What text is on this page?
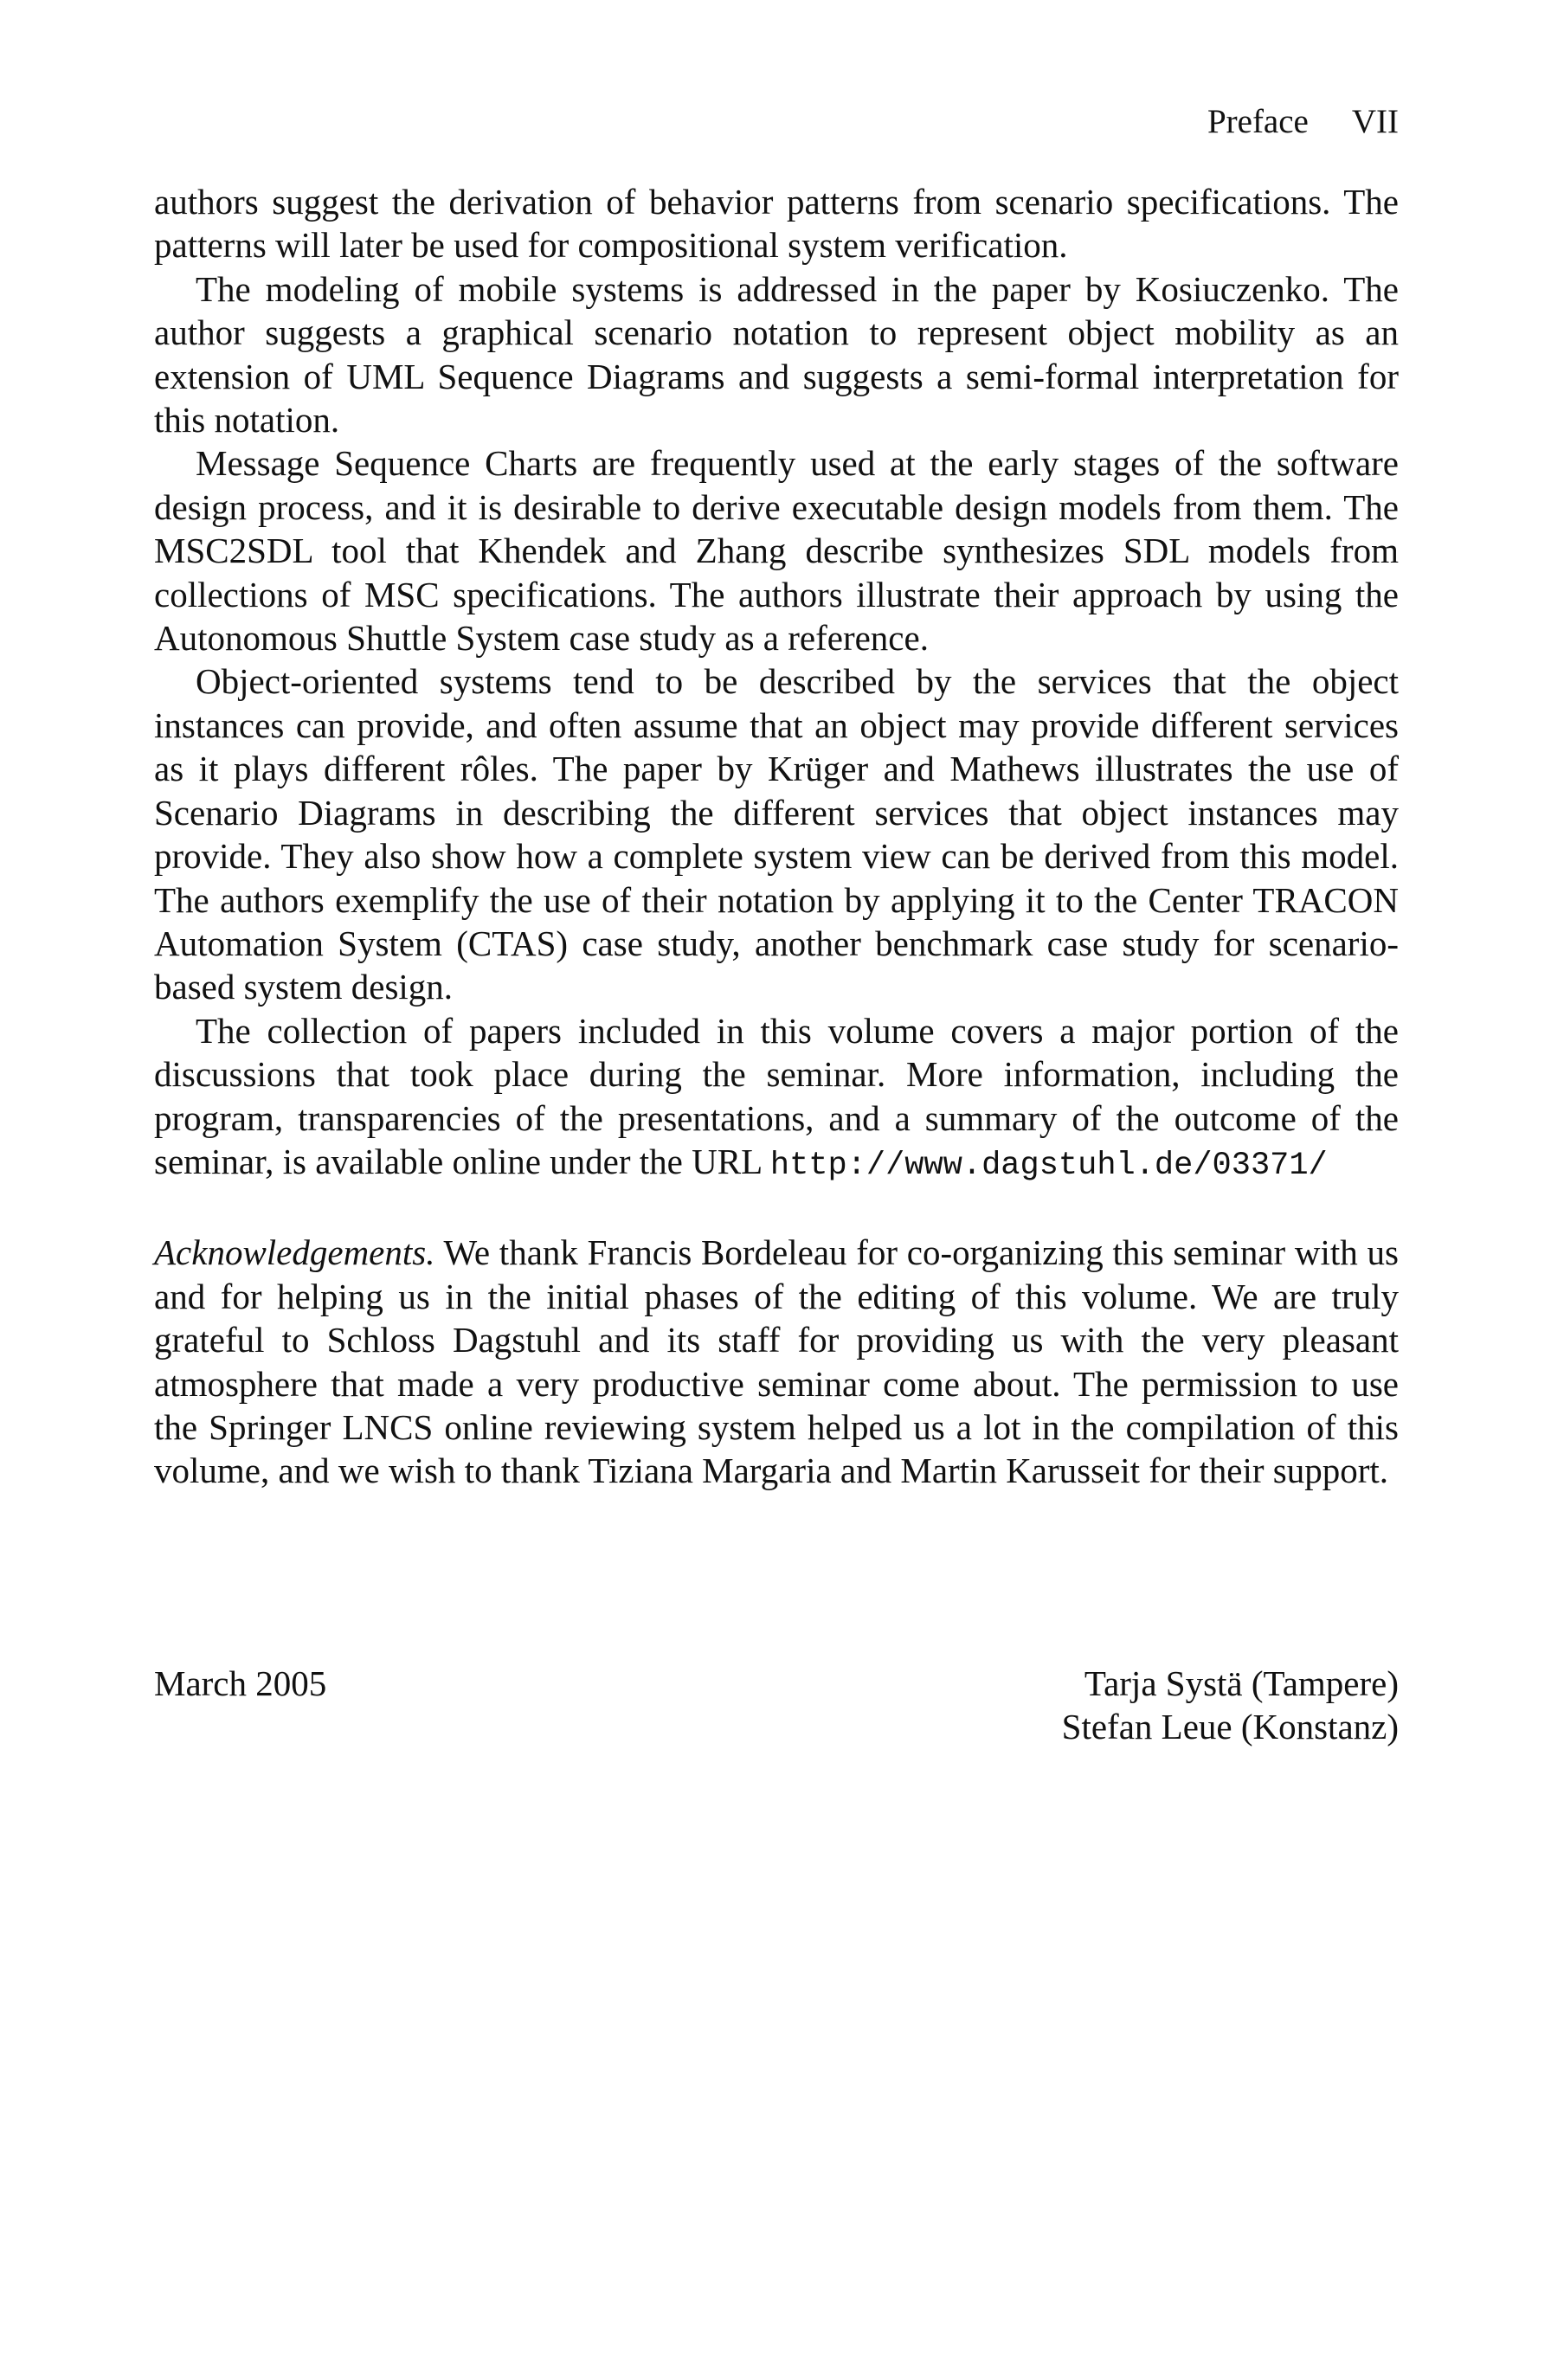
Preface VII

authors suggest the derivation of behavior patterns from scenario specifications. The patterns will later be used for compositional system verification.

The modeling of mobile systems is addressed in the paper by Kosiuczenko. The author suggests a graphical scenario notation to represent object mobility as an extension of UML Sequence Diagrams and suggests a semi-formal interpretation for this notation.

Message Sequence Charts are frequently used at the early stages of the software design process, and it is desirable to derive executable design models from them. The MSC2SDL tool that Khendek and Zhang describe synthesizes SDL models from collections of MSC specifications. The authors illustrate their approach by using the Autonomous Shuttle System case study as a reference.

Object-oriented systems tend to be described by the services that the object instances can provide, and often assume that an object may provide different services as it plays different rôles. The paper by Krüger and Mathews illustrates the use of Scenario Diagrams in describing the different services that object instances may provide. They also show how a complete system view can be derived from this model. The authors exemplify the use of their notation by applying it to the Center TRACON Automation System (CTAS) case study, another benchmark case study for scenario-based system design.

The collection of papers included in this volume covers a major portion of the discussions that took place during the seminar. More information, including the program, transparencies of the presentations, and a summary of the outcome of the seminar, is available online under the URL http://www.dagstuhl.de/03371/

Acknowledgements. We thank Francis Bordeleau for co-organizing this seminar with us and for helping us in the initial phases of the editing of this volume. We are truly grateful to Schloss Dagstuhl and its staff for providing us with the very pleasant atmosphere that made a very productive seminar come about. The permission to use the Springer LNCS online reviewing system helped us a lot in the compilation of this volume, and we wish to thank Tiziana Margaria and Martin Karusseit for their support.

March 2005	Tarja Systä (Tampere)
Stefan Leue (Konstanz)
